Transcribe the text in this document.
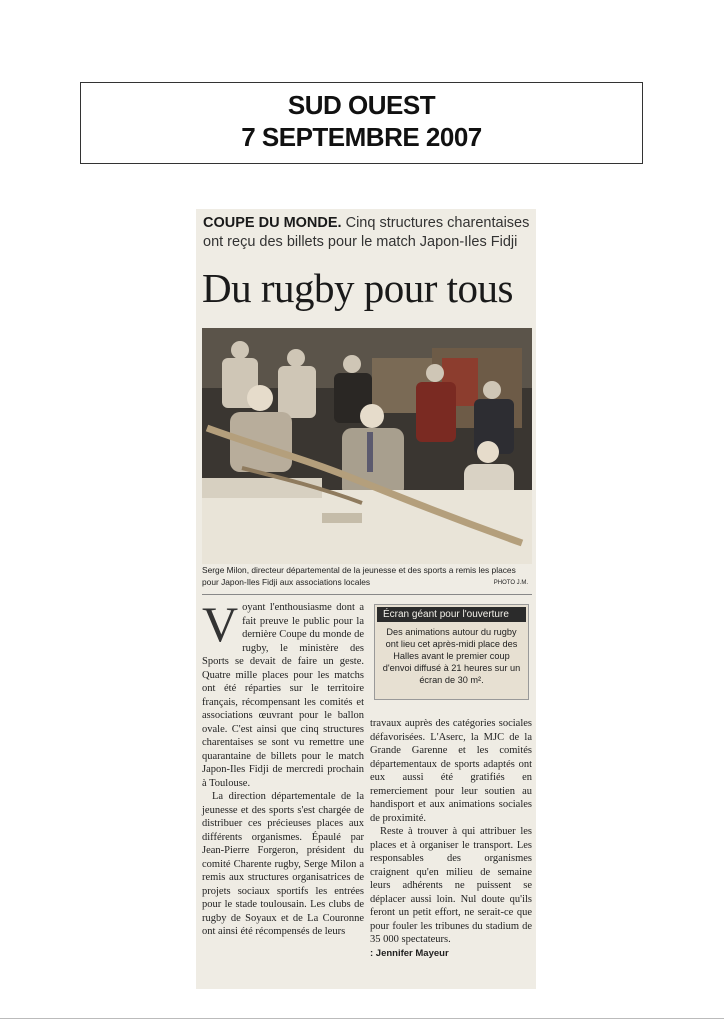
SUD OUEST
7 SEPTEMBRE 2007
COUPE DU MONDE. Cinq structures charentaises ont reçu des billets pour le match Japon-Iles Fidji
Du rugby pour tous
Serge Milon, directeur départemental de la jeunesse et des sports a remis les places pour Japon-Iles Fidji aux associations locales	PHOTO J.M.

Voyant l'enthousiasme dont a fait preuve le public pour la dernière Coupe du monde de rugby, le ministère des Sports se devait de faire un geste. Quatre mille places pour les matchs ont été réparties sur le territoire français, récompensant les comités et associations œuvrant pour le ballon ovale. C'est ainsi que cinq structures charentaises se sont vu remettre une quarantaine de billets pour le match Japon-Iles Fidji de mercredi prochain à Toulouse.

La direction départementale de la jeunesse et des sports s'est chargée de distribuer ces précieuses places aux différents organismes. Épaulé par Jean-Pierre Forgeron, président du comité Charente rugby, Serge Milon a remis aux structures organisatrices de projets sociaux sportifs les entrées pour le stade toulousain. Les clubs de rugby de Soyaux et de La Couronne ont ainsi été récompensés de leurs

Écran géant pour l'ouverture
Des animations autour du rugby ont lieu cet après-midi place des Halles avant le premier coup d'envoi diffusé à 21 heures sur un écran de 30 m².

travaux auprès des catégories sociales défavorisées. L'Aserc, la MJC de la Grande Garenne et les comités départementaux de sports adaptés ont eux aussi été gratifiés en remerciement pour leur soutien au handisport et aux animations sociales de proximité.

Reste à trouver à qui attribuer les places et à organiser le transport. Les responsables des organismes craignent qu'en milieu de semaine leurs adhérents ne puissent se déplacer aussi loin. Nul doute qu'ils feront un petit effort, ne serait-ce que pour fouler les tribunes du stadium de 35 000 spectateurs.

: Jennifer Mayeur
